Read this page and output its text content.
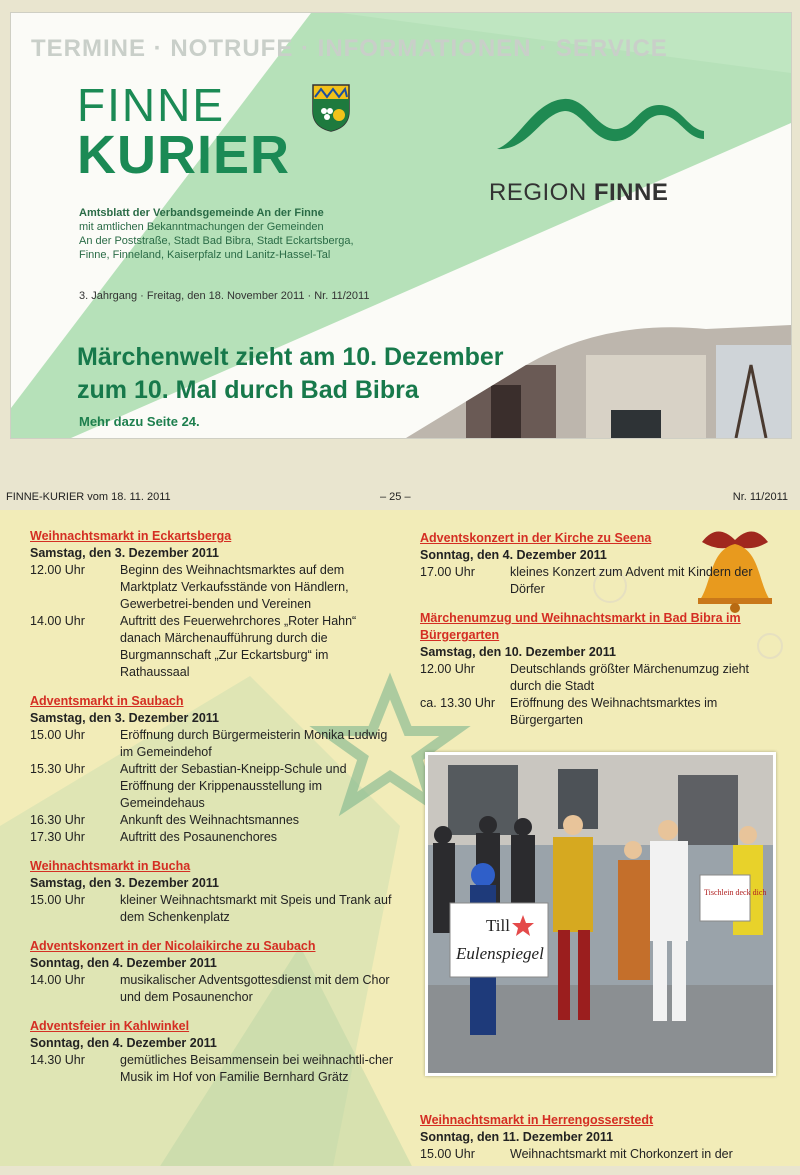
TERMINE · NOTRUFE · INFORMATIONEN · SERVICE
FINNE
KURIER
Amtsblatt der Verbandsgemeinde An der Finne
mit amtlichen Bekanntmachungen der Gemeinden
An der Poststraße, Stadt Bad Bibra, Stadt Eckartsberga,
Finne, Finneland, Kaiserpfalz und Lanitz-Hassel-Tal
3. Jahrgang · Freitag, den 18. November 2011 · Nr. 11/2011
REGION FINNE
Märchenwelt zieht am 10. Dezember
zum 10. Mal durch Bad Bibra
Mehr dazu Seite 24.
FINNE-KURIER vom 18. 11. 2011	– 25 –	Nr. 11/2011
Weihnachtsmarkt in Eckartsberga
Samstag, den 3. Dezember 2011
12.00 Uhr	Beginn des Weihnachtsmarktes auf dem Marktplatz Verkaufsstände von Händlern, Gewerbetrei-benden und Vereinen
14.00 Uhr	Auftritt des Feuerwehrchores „Roter Hahn“ danach Märchenaufführung durch die Burgmannschaft „Zur Eckartsburg“ im Rathaussaal
Adventsmarkt in Saubach
Samstag, den 3. Dezember 2011
15.00 Uhr	Eröffnung durch Bürgermeisterin Monika Ludwig im Gemeindehof
15.30 Uhr	Auftritt der Sebastian-Kneipp-Schule und Eröffnung der Krippenausstellung im Gemeindehaus
16.30 Uhr	Ankunft des Weihnachtsmannes
17.30 Uhr	Auftritt des Posaunenchores
Weihnachtsmarkt in Bucha
Samstag, den 3. Dezember 2011
15.00 Uhr	kleiner Weihnachtsmarkt mit Speis und Trank auf dem Schenkenplatz
Adventskonzert in der Nicolaikirche zu Saubach
Sonntag, den 4. Dezember 2011
14.00 Uhr	musikalischer Adventsgottesdienst mit dem Chor und dem Posaunenchor
Adventsfeier in Kahlwinkel
Sonntag, den 4. Dezember 2011
14.30 Uhr	gemütliches Beisammensein bei weihnachtli-cher Musik im Hof von Familie Bernhard Grätz
Adventskonzert in der Kirche zu Seena
Sonntag, den 4. Dezember 2011
17.00 Uhr	kleines Konzert zum Advent mit Kindern der Dörfer
Märchenumzug und Weihnachtsmarkt in Bad Bibra im Bürgergarten
Samstag, den 10. Dezember 2011
12.00 Uhr	Deutschlands größter Märchenumzug zieht durch die Stadt
ca. 13.30 Uhr	Eröffnung des Weihnachtsmarktes im Bürgergarten
Till
Eulenspiegel
Tischlein deck dich
Weihnachtsmarkt in Herrengosserstedt
Sonntag, den 11. Dezember 2011
15.00 Uhr	Weihnachtsmarkt mit Chorkonzert in der
